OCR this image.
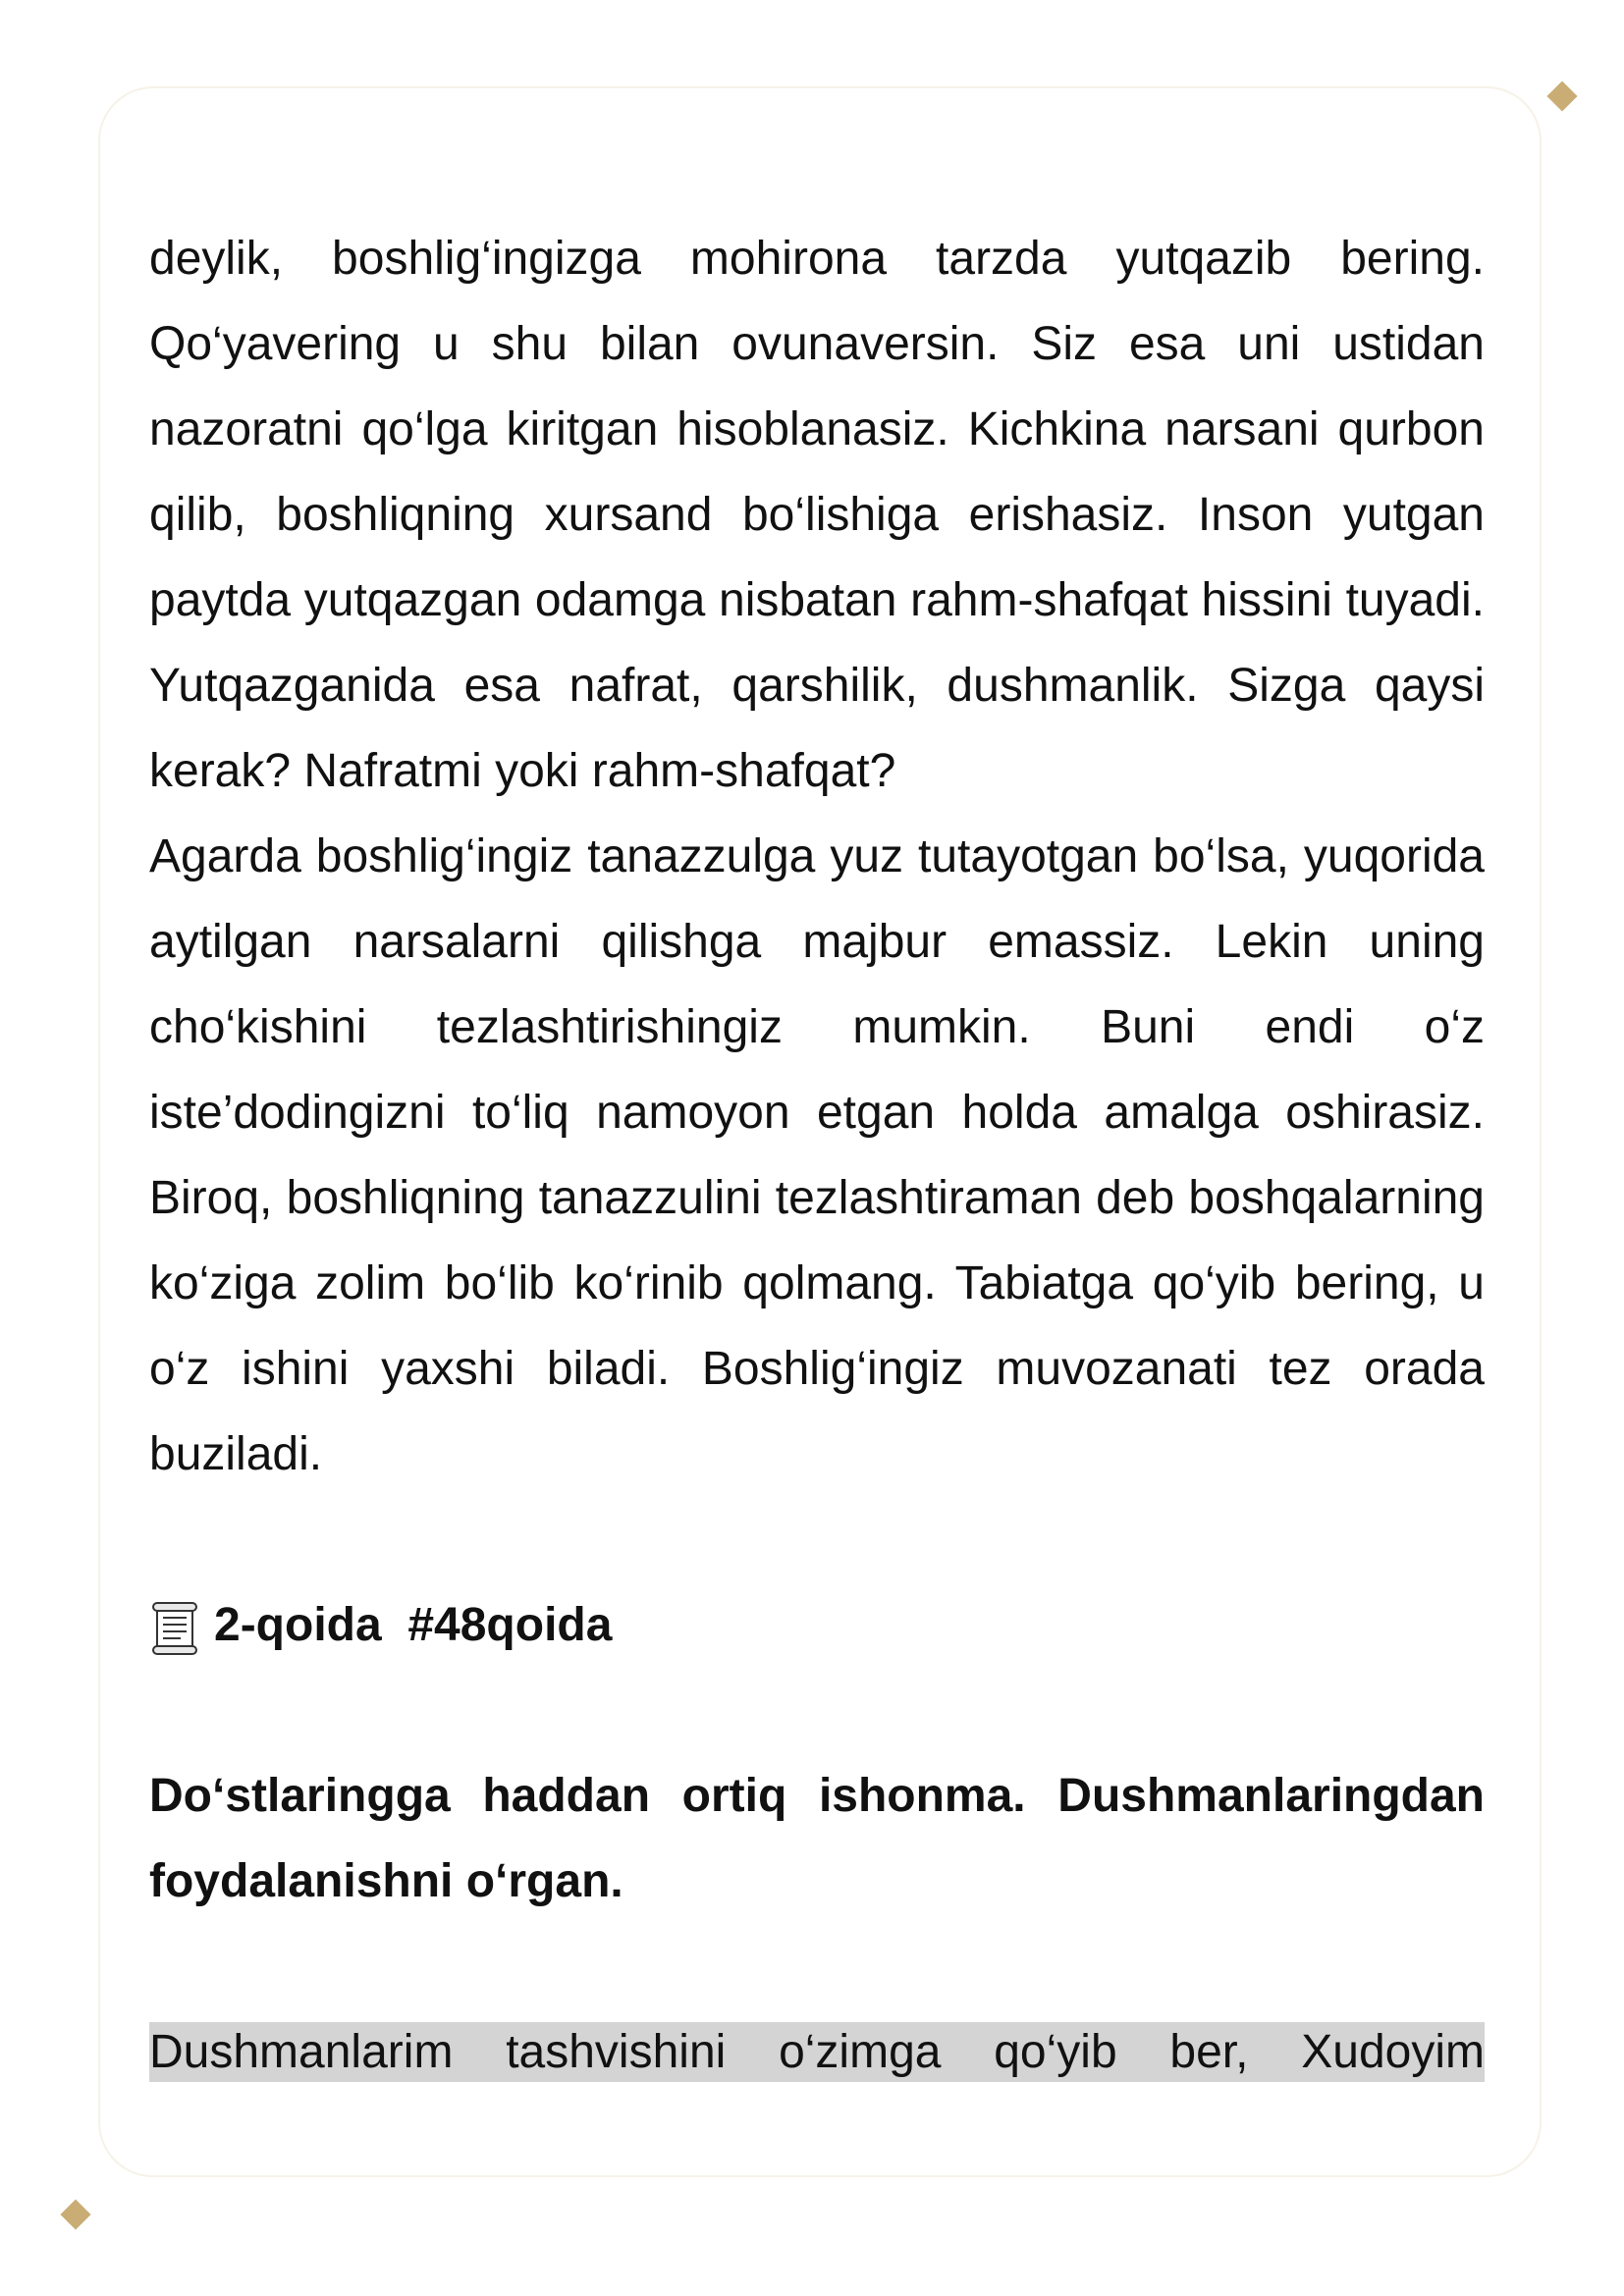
deylik, boshlig‘ingizga mohirona tarzda yutqazib bering. Qo‘yavering u shu bilan ovunaversin. Siz esa uni ustidan nazoratni qo‘lga kiritgan hisoblanasiz. Kichkina narsani qurbon qilib, boshliqning xursand bo‘lishiga erishasiz. Inson yutgan paytda yutqazgan odamga nisbatan rahm-shafqat hissini tuyadi. Yutqazganida esa nafrat, qarshilik, dushmanlik. Sizga qaysi kerak? Nafratmi yoki rahm-shafqat?

Agarda boshlig‘ingiz tanazzulga yuz tutayotgan bo‘lsa, yuqorida aytilgan narsalarni qilishga majbur emassiz. Lekin uning cho‘kishini tezlashtirishingiz mumkin. Buni endi o‘z iste’dodingizni to‘liq namoyon etgan holda amalga oshirasiz. Biroq, boshliqning tanazzulini tezlashtiraman deb boshqalarning ko‘ziga zolim bo‘lib ko‘rinib qolmang. Tabiatga qo‘yib bering, u o‘z ishini yaxshi biladi. Boshlig‘ingiz muvozanati tez orada buziladi.

2-qoida  #48qoida

Do‘stlaringga haddan ortiq ishonma. Dushmanlaringdan foydalanishni o‘rgan.

Dushmanlarim tashvishini o‘zimga qo‘yib ber, Xudoyim
